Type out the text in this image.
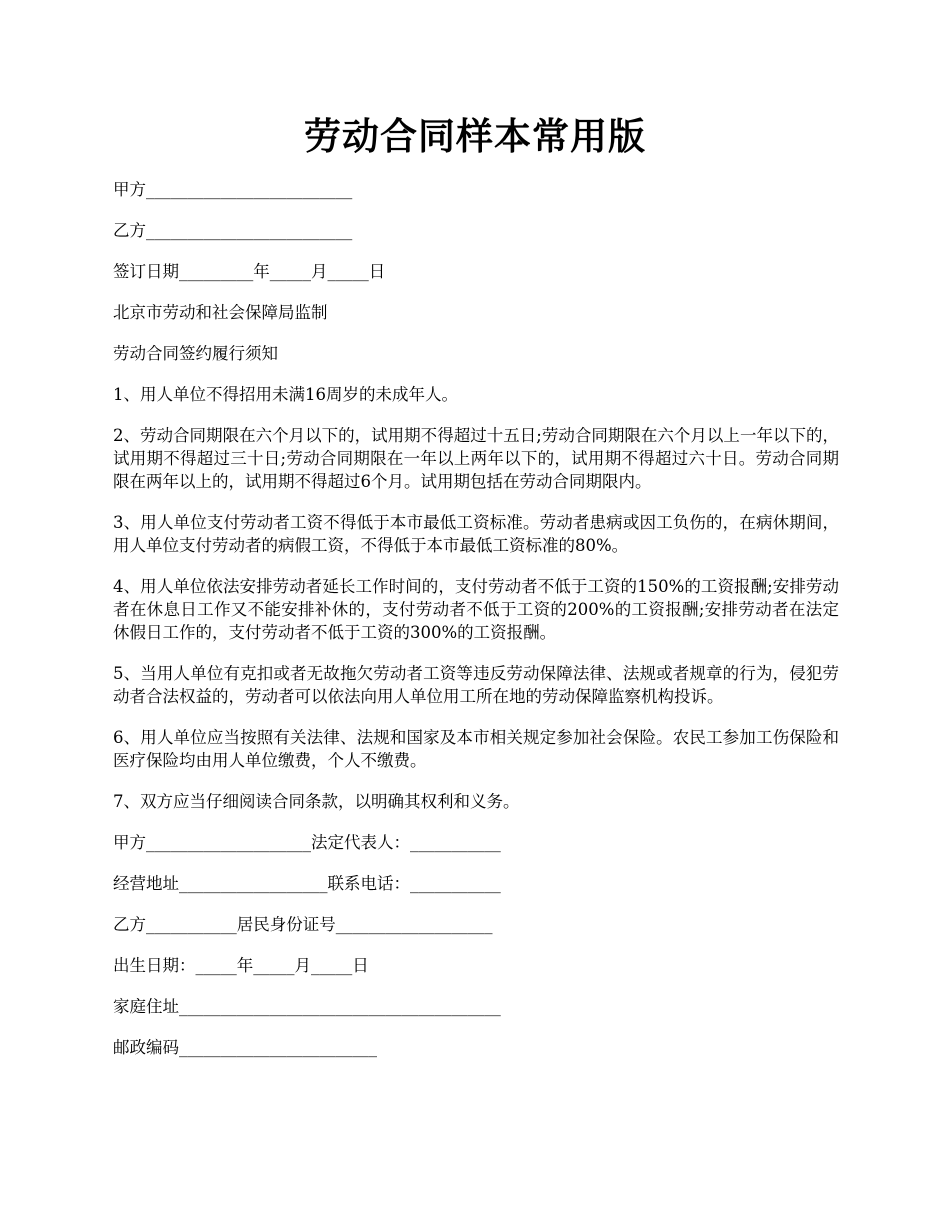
劳动合同样本常用版

甲方_________________________

乙方_________________________

签订日期_________年_____月_____日

北京市劳动和社会保障局监制

劳动合同签约履行须知

1、用人单位不得招用未满16周岁的未成年人。

2、劳动合同期限在六个月以下的，试用期不得超过十五日;劳动合同期限在六个月以上一年以下的，试用期不得超过三十日;劳动合同期限在一年以上两年以下的，试用期不得超过六十日。劳动合同期限在两年以上的，试用期不得超过6个月。试用期包括在劳动合同期限内。

3、用人单位支付劳动者工资不得低于本市最低工资标准。劳动者患病或因工负伤的，在病休期间，用人单位支付劳动者的病假工资，不得低于本市最低工资标准的80%。

4、用人单位依法安排劳动者延长工作时间的，支付劳动者不低于工资的150%的工资报酬;安排劳动者在休息日工作又不能安排补休的，支付劳动者不低于工资的200%的工资报酬;安排劳动者在法定休假日工作的，支付劳动者不低于工资的300%的工资报酬。

5、当用人单位有克扣或者无故拖欠劳动者工资等违反劳动保障法律、法规或者规章的行为，侵犯劳动者合法权益的，劳动者可以依法向用人单位用工所在地的劳动保障监察机构投诉。

6、用人单位应当按照有关法律、法规和国家及本市相关规定参加社会保险。农民工参加工伤保险和医疗保险均由用人单位缴费，个人不缴费。

7、双方应当仔细阅读合同条款，以明确其权利和义务。

甲方____________________法定代表人：___________

经营地址__________________联系电话：___________

乙方___________居民身份证号___________________

出生日期：_____年_____月_____日

家庭住址_______________________________________

邮政编码________________________
